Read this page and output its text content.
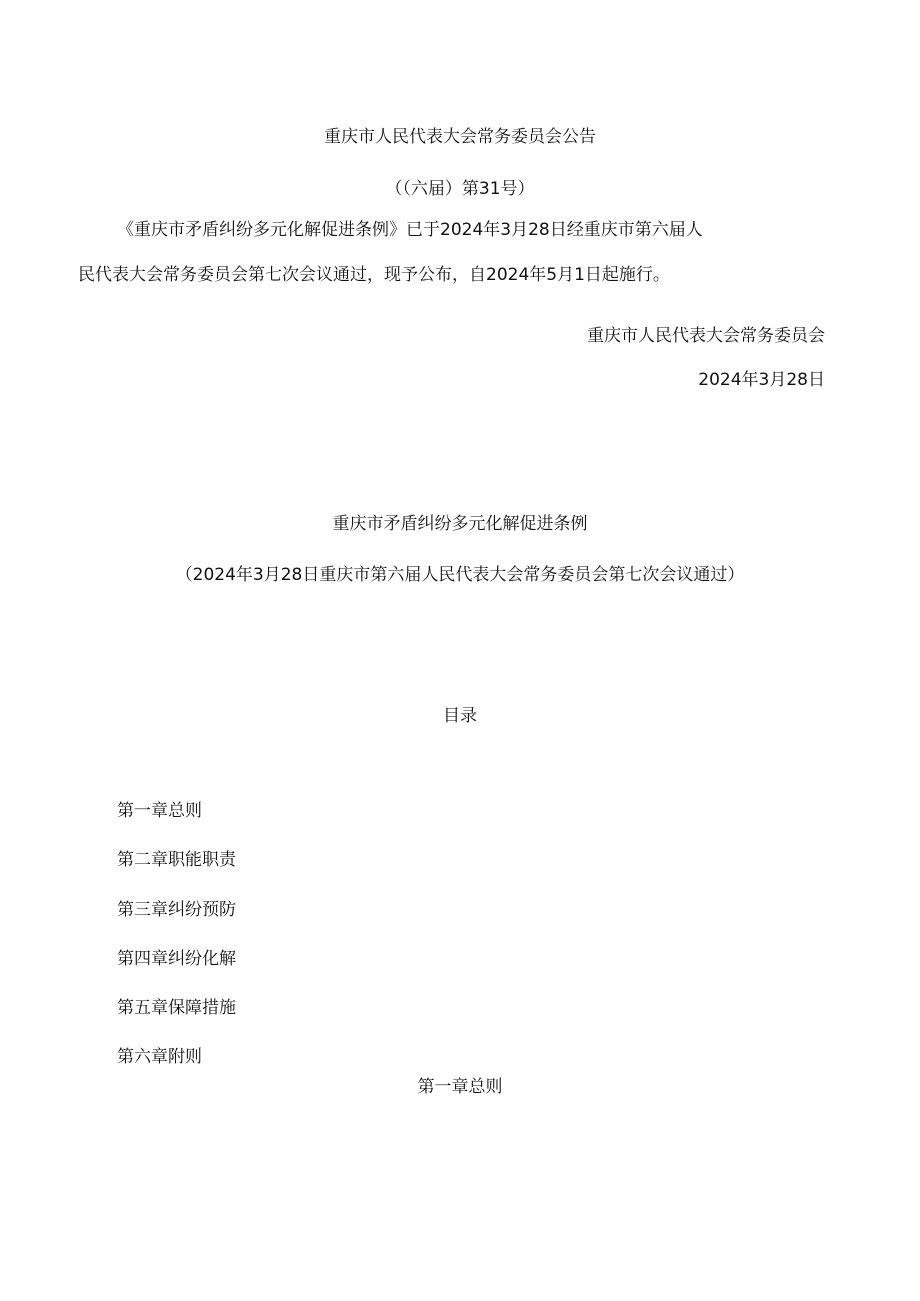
重庆市人民代表大会常务委员会公告
（（六届）第31号）
《重庆市矛盾纠纷多元化解促进条例》已于2024年3月28日经重庆市第六届人
民代表大会常务委员会第七次会议通过，现予公布，自2024年5月1日起施行。
重庆市人民代表大会常务委员会
2024年3月28日
重庆市矛盾纠纷多元化解促进条例
（2024年3月28日重庆市第六届人民代表大会常务委员会第七次会议通过）
目录
第一章总则
第二章职能职责
第三章纠纷预防
第四章纠纷化解
第五章保障措施
第六章附则
第一章总则
